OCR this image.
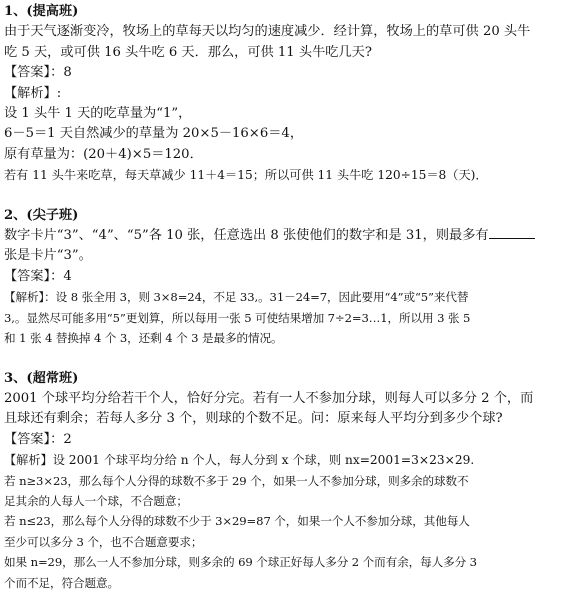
1、(提高班)
由于天气逐渐变冷，牧场上的草每天以均匀的速度减少．经计算，牧场上的草可供 20 头牛
吃 5 天，或可供 16 头牛吃 6 天．那么，可供 11 头牛吃几天?
【答案】：8
【解析】:
设 1 头牛 1 天的吃草量为“1”，
6－5＝1 天自然减少的草量为 20×5－16×6＝4，
原有草量为：(20＋4)×5＝120．
若有 11 头牛来吃草，每天草减少 11＋4＝15；所以可供 11 头牛吃 120÷15＝8（天)．
2、(尖子班)
数字卡片“3”、“4”、“5”各 10 张，任意选出 8 张使他们的数字和是 31，则最多有
张是卡片“3”。
【答案】：4
【解析】：设 8 张全用 3，则 3×8=24，不足 33,。31－24=7，因此要用“4”或“5”来代替
3,。显然尽可能多用“5”更划算，所以每用一张 5 可使结果增加 7÷2=3…1，所以用 3 张 5
和 1 张 4 替换掉 4 个 3，还剩 4 个 3 是最多的情况。
3、(超常班)
2001 个球平均分给若干个人，恰好分完。若有一人不参加分球，则每人可以多分 2 个，而
且球还有剩余；若每人多分 3 个，则球的个数不足。问：原来每人平均分到多少个球?
【答案】：2
【解析】设 2001 个球平均分给 n 个人，每人分到 x 个球，则 nx=2001=3×23×29.
若 n≥3×23，那么每个人分得的球数不多于 29 个，如果一人不参加分球，则多余的球数不
足其余的人每人一个球，不合题意；
若 n≤23，那么每个人分得的球数不少于 3×29=87 个，如果一个人不参加分球，其他每人
至少可以多分 3 个，也不合题意要求；
如果 n=29，那么一人不参加分球，则多余的 69 个球正好每人多分 2 个而有余，每人多分 3
个而不足，符合题意。
